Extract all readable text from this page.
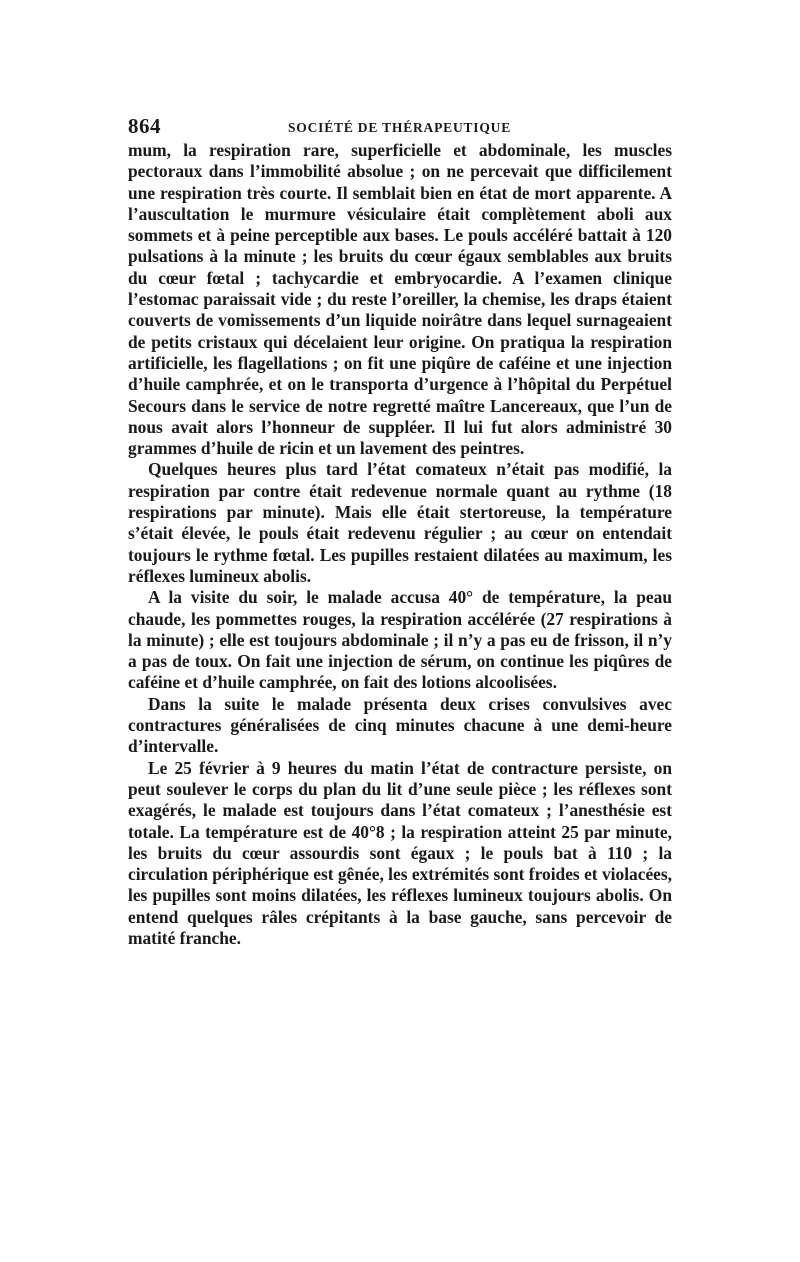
864	SOCIÉTÉ DE THÉRAPEUTIQUE

mum, la respiration rare, superficielle et abdominale, les muscles pectoraux dans l’immobilité absolue ; on ne percevait que difficilement une respiration très courte. Il semblait bien en état de mort apparente. A l’auscultation le murmure vésiculaire était complètement aboli aux sommets et à peine perceptible aux bases. Le pouls accéléré battait à 120 pulsations à la minute ; les bruits du cœur égaux semblables aux bruits du cœur fœtal ; tachycardie et embryocardie. A l’examen clinique l’estomac paraissait vide ; du reste l’oreiller, la chemise, les draps étaient couverts de vomissements d’un liquide noirâtre dans lequel surnageaient de petits cristaux qui décelaient leur origine. On pratiqua la respiration artificielle, les flagellations ; on fit une piqûre de caféine et une injection d’huile camphrée, et on le transporta d’urgence à l’hôpital du Perpétuel Secours dans le service de notre regretté maître Lancereaux, que l’un de nous avait alors l’honneur de suppléer. Il lui fut alors administré 30 grammes d’huile de ricin et un lavement des peintres.

Quelques heures plus tard l’état comateux n’était pas modifié, la respiration par contre était redevenue normale quant au rythme (18 respirations par minute). Mais elle était stertoreuse, la température s’était élevée, le pouls était redevenu régulier ; au cœur on entendait toujours le rythme fœtal. Les pupilles restaient dilatées au maximum, les réflexes lumineux abolis.

A la visite du soir, le malade accusa 40° de température, la peau chaude, les pommettes rouges, la respiration accélérée (27 respirations à la minute) ; elle est toujours abdominale ; il n’y a pas eu de frisson, il n’y a pas de toux. On fait une injection de sérum, on continue les piqûres de caféine et d’huile camphrée, on fait des lotions alcoolisées.

Dans la suite le malade présenta deux crises convulsives avec contractures généralisées de cinq minutes chacune à une demi-heure d’intervalle.

Le 25 février à 9 heures du matin l’état de contracture persiste, on peut soulever le corps du plan du lit d’une seule pièce ; les réflexes sont exagérés, le malade est toujours dans l’état comateux ; l’anesthésie est totale. La température est de 40°8 ; la respiration atteint 25 par minute, les bruits du cœur assourdis sont égaux ; le pouls bat à 110 ; la circulation périphérique est gênée, les extrémités sont froides et violacées, les pupilles sont moins dilatées, les réflexes lumineux toujours abolis. On entend quelques râles crépitants à la base gauche, sans percevoir de matité franche.
